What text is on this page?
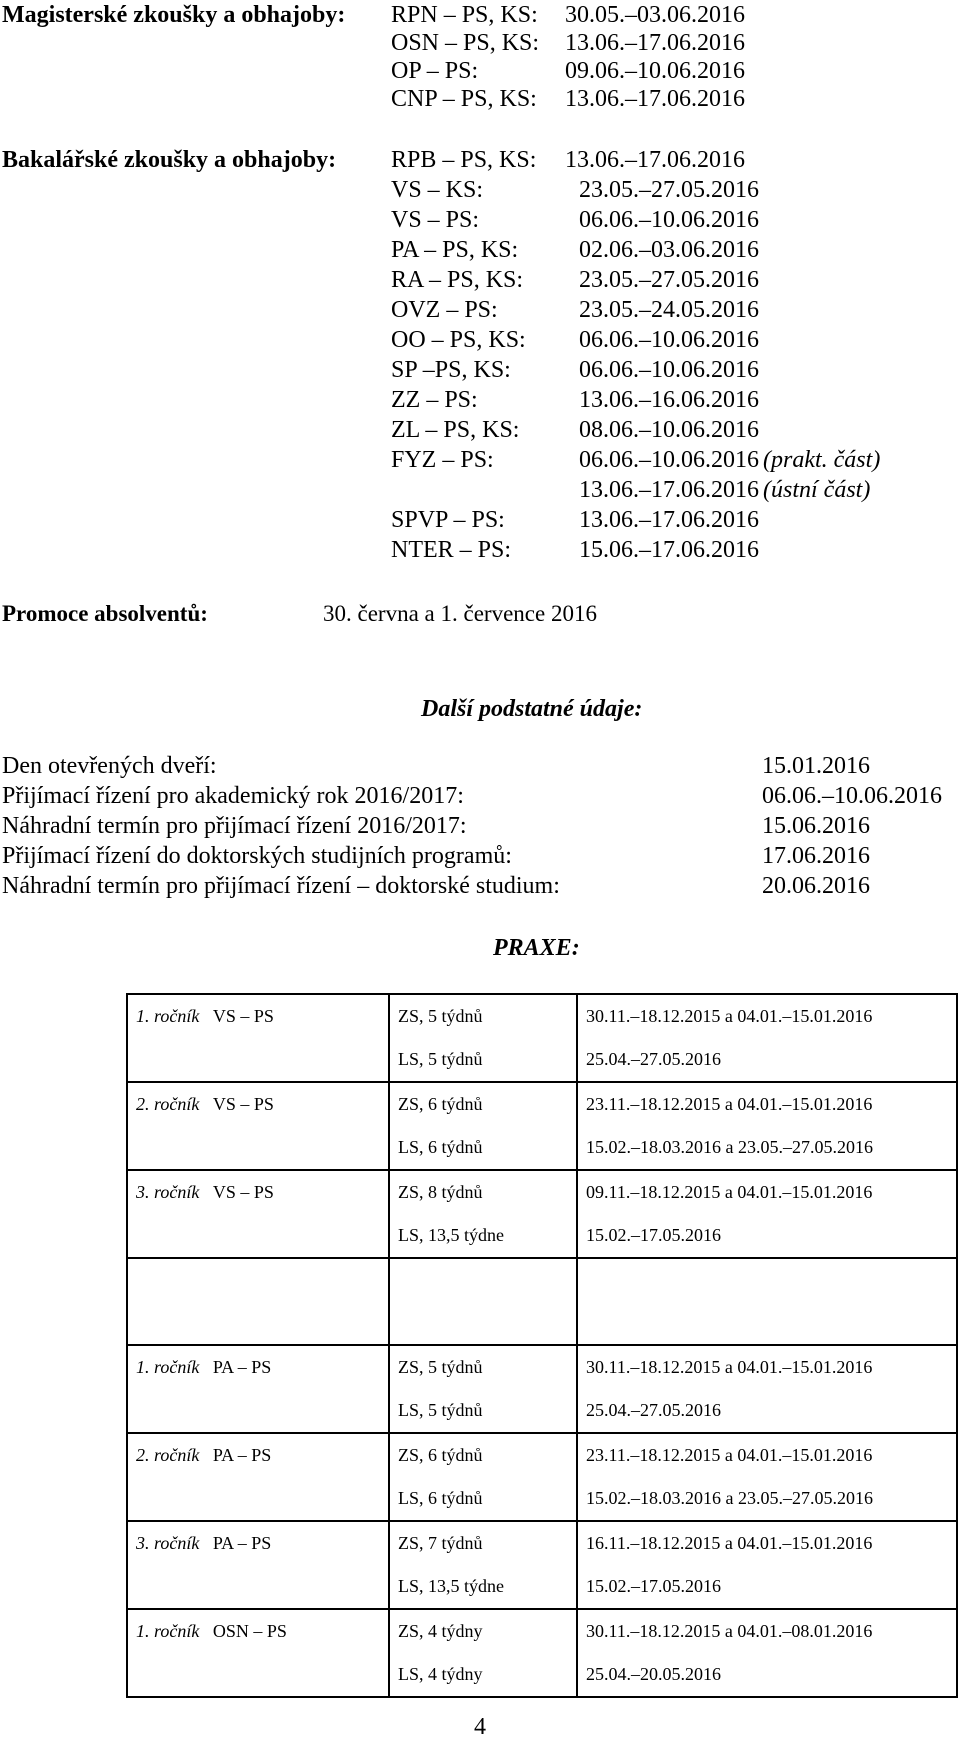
Magisterské zkoušky a obhajoby: RPN – PS, KS: 30.05.–03.06.2016
OSN – PS, KS: 13.06.–17.06.2016
OP – PS:	09.06.–10.06.2016
CNP – PS, KS: 13.06.–17.06.2016
Bakalářské zkoušky a obhajoby: RPB – PS, KS: 13.06.–17.06.2016
VS – KS:	23.05.–27.05.2016
VS – PS:	06.06.–10.06.2016
PA – PS, KS:	02.06.–03.06.2016
RA – PS, KS: 23.05.–27.05.2016
OVZ – PS:	23.05.–24.05.2016
OO – PS, KS: 06.06.–10.06.2016
SP –PS, KS:	06.06.–10.06.2016
ZZ – PS:	13.06.–16.06.2016
ZL – PS, KS: 08.06.–10.06.2016
FYZ – PS:	06.06.–10.06.2016 (prakt. část)
13.06.–17.06.2016 (ústní část)
SPVP – PS:	13.06.–17.06.2016
NTER – PS:	15.06.–17.06.2016
Promoce absolventů:	30. června a 1. července 2016
Další podstatné údaje:
Den otevřených dveří:	15.01.2016
Přijímací řízení pro akademický rok 2016/2017:	06.06.–10.06.2016
Náhradní termín pro přijímací řízení 2016/2017:	15.06.2016
Přijímací řízení do doktorských studijních programů:	17.06.2016
Náhradní termín pro přijímací řízení – doktorské studium:	20.06.2016
PRAXE:
1. ročník VS – PS	ZS, 5 týdnů	30.11.–18.12.2015 a 04.01.–15.01.2016
	LS, 5 týdnů	25.04.–27.05.2016
2. ročník VS – PS	ZS, 6 týdnů	23.11.–18.12.2015 a 04.01.–15.01.2016
	LS, 6 týdnů	15.02.–18.03.2016 a 23.05.–27.05.2016
3. ročník VS – PS	ZS, 8 týdnů	09.11.–18.12.2015 a 04.01.–15.01.2016
	LS, 13,5 týdne	15.02.–17.05.2016

1. ročník PA – PS	ZS, 5 týdnů	30.11.–18.12.2015 a 04.01.–15.01.2016
	LS, 5 týdnů	25.04.–27.05.2016
2. ročník PA – PS	ZS, 6 týdnů	23.11.–18.12.2015 a 04.01.–15.01.2016
	LS, 6 týdnů	15.02.–18.03.2016 a 23.05.–27.05.2016
3. ročník PA – PS	ZS, 7 týdnů	16.11.–18.12.2015 a 04.01.–15.01.2016
	LS, 13,5 týdne	15.02.–17.05.2016
1. ročník OSN – PS	ZS, 4 týdny	30.11.–18.12.2015 a 04.01.–08.01.2016
	LS, 4 týdny	25.04.–20.05.2016
4
